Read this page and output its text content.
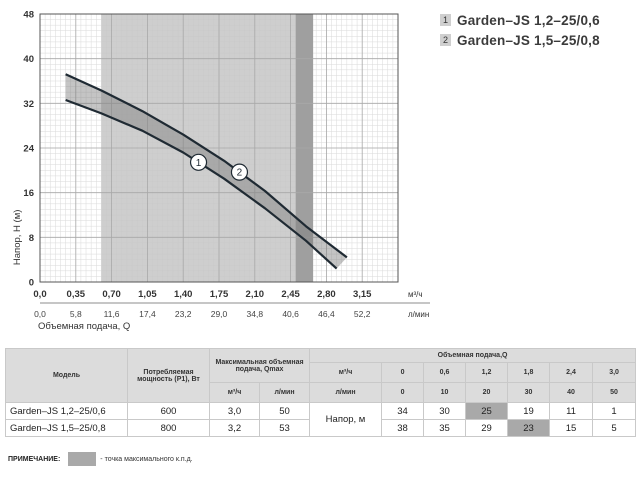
1
2
0
8
16
24
32
40
48
0,0 0,35 0,70 1,05 1,40 1,75 2,10 2,45 2,80 3,15
0,0	5,8	11,6 17,4 23,2 29,0 34,8 40,6 46,4 52,2
м³/ч
л/мин
Объемная подача, Q
Напор, Н (м)
1 Garden–JS 1,2–25/0,6
2 Garden–JS 1,5–25/0,8
Модель	Потребляемая мощность (Р1), Вт	Максимальная объемная подача, Qmax		Объемная подача,Q						
				м³/ч	0	0,6	1,2	1,8	2,4	3,0
		м³/ч	л/мин	л/мин	0	10	20	30	40	50
Garden–JS 1,2–25/0,6	600	3,0	50	Напор, м	34	30	25	19	11	1
Garden–JS 1,5–25/0,8	800	3,2	53		38	35	29	23	15	5
ПРИМЕЧАНИЕ:	- точка максимального к.п.д.
